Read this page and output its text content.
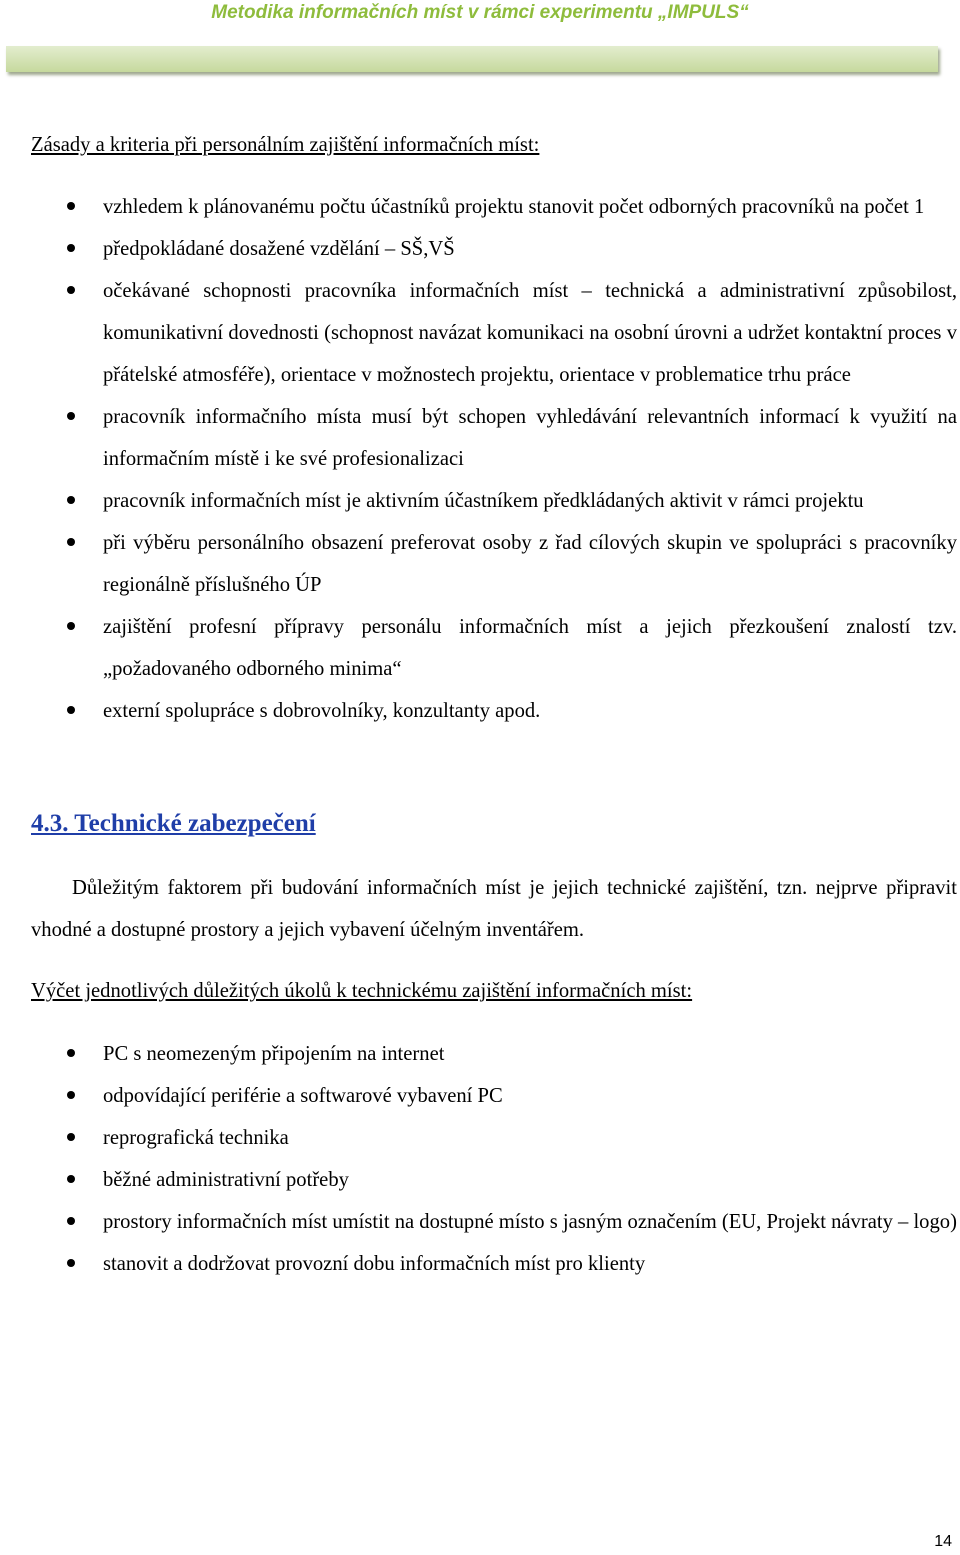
Metodika informačních míst v rámci experimentu „IMPULS“

Zásady a kriteria při personálním zajištění informačních míst:

vzhledem k plánovanému počtu účastníků projektu stanovit počet odborných pracovníků na počet 1
předpokládané dosažené vzdělání – SŠ,VŠ
očekávané schopnosti pracovníka informačních míst – technická a administrativní způsobilost, komunikativní dovednosti (schopnost navázat komunikaci na osobní úrovni a udržet kontaktní proces v přátelské atmosféře), orientace v možnostech projektu, orientace v problematice trhu práce
pracovník informačního místa musí být schopen vyhledávání relevantních informací k využití na informačním místě i ke své profesionalizaci
pracovník informačních míst je aktivním účastníkem předkládaných aktivit v rámci projektu
při výběru personálního obsazení preferovat osoby z řad cílových skupin ve spolupráci s pracovníky regionálně příslušného ÚP
zajištění profesní přípravy personálu informačních míst a jejich přezkoušení znalostí tzv. „požadovaného odborného minima“
externí spolupráce s dobrovolníky, konzultanty apod.
4.3. Technické zabezpečení

Důležitým faktorem při budování informačních míst je jejich technické zajištění, tzn. nejprve připravit vhodné a dostupné prostory a jejich vybavení účelným inventářem.

Výčet jednotlivých důležitých úkolů k technickému zajištění informačních míst:

PC s neomezeným připojením na internet
odpovídající periférie a softwarové vybavení PC
reprografická technika
běžné administrativní potřeby
prostory informačních míst umístit na dostupné místo s jasným označením (EU, Projekt návraty – logo)
stanovit a dodržovat provozní dobu informačních míst pro klienty
14
